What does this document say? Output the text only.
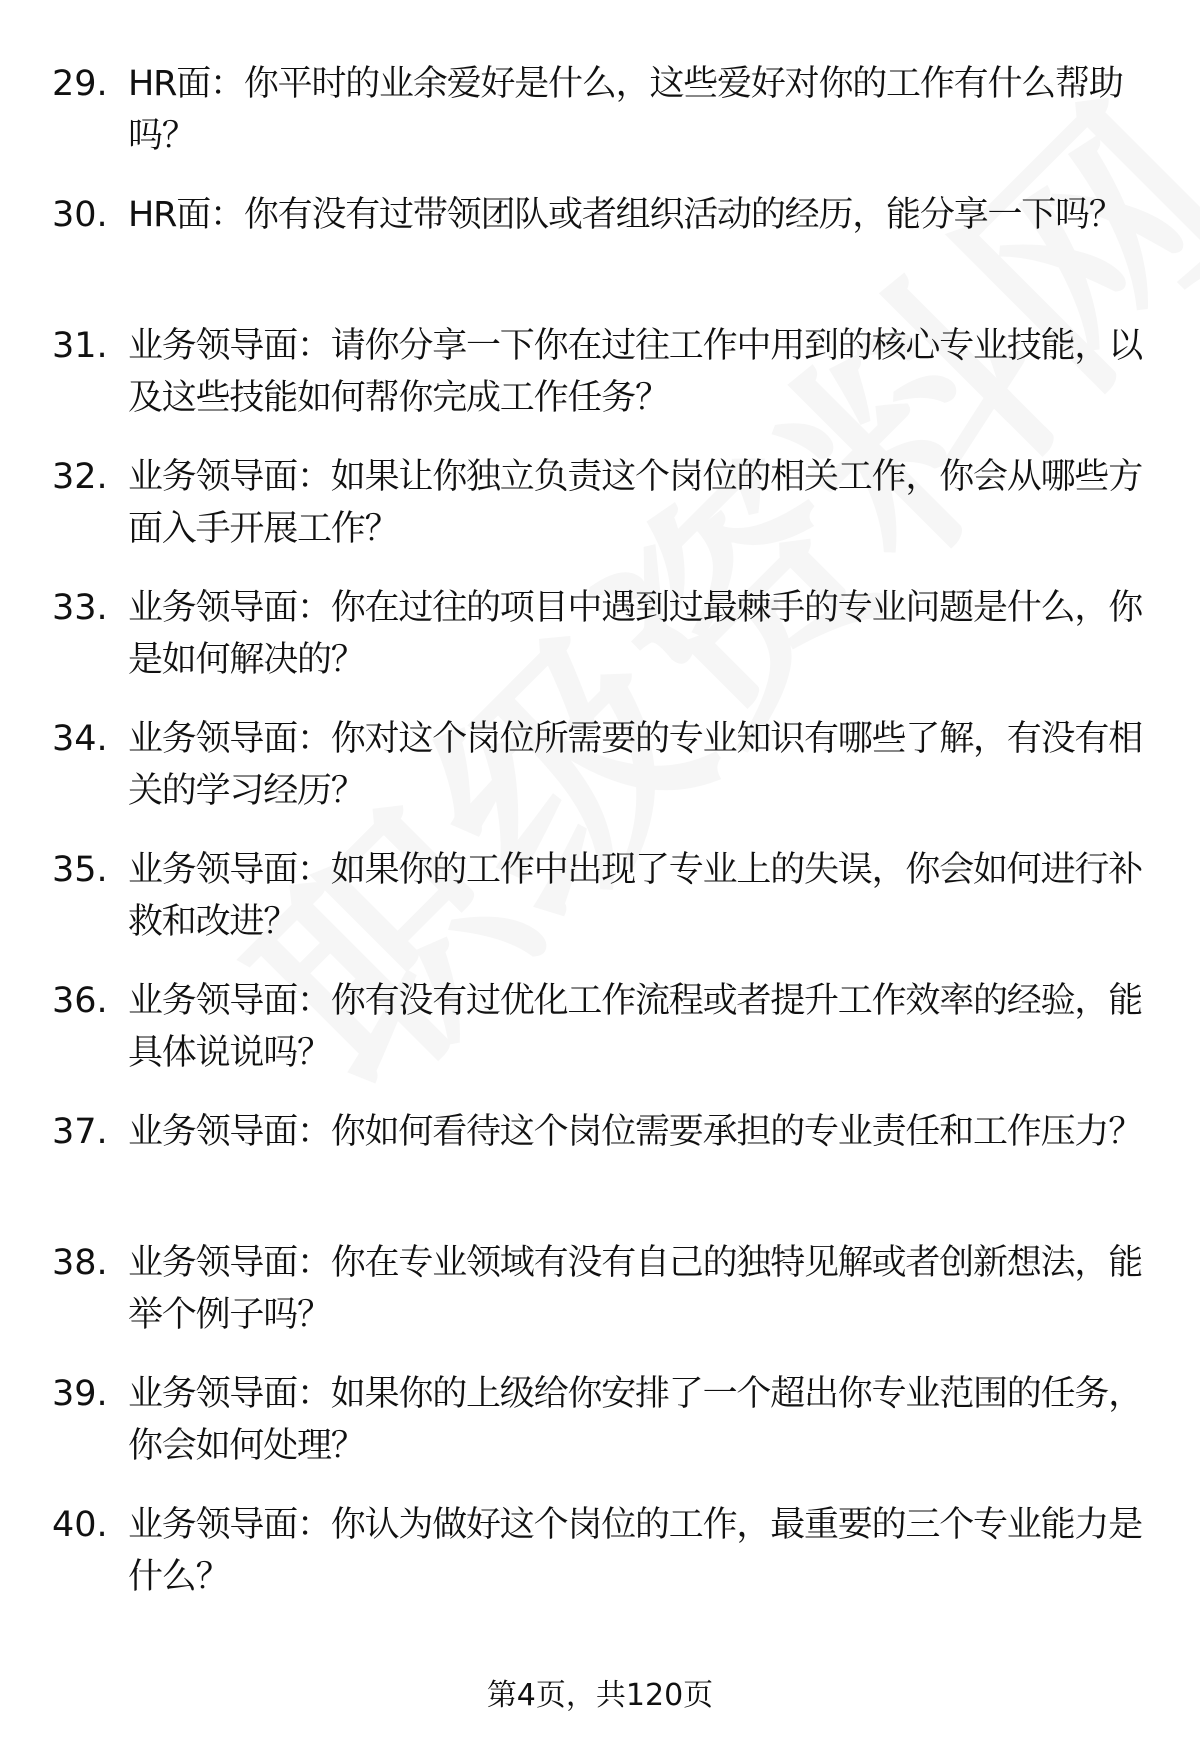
29. HR面：你平时的业余爱好是什么，这些爱好对你的工作有什么帮助吗？
30. HR面：你有没有过带领团队或者组织活动的经历，能分享一下吗？
31. 业务领导面：请你分享一下你在过往工作中用到的核心专业技能，以及这些技能如何帮你完成工作任务？
32. 业务领导面：如果让你独立负责这个岗位的相关工作，你会从哪些方面入手开展工作？
33. 业务领导面：你在过往的项目中遇到过最棘手的专业问题是什么，你是如何解决的？
34. 业务领导面：你对这个岗位所需要的专业知识有哪些了解，有没有相关的学习经历？
35. 业务领导面：如果你的工作中出现了专业上的失误，你会如何进行补救和改进？
36. 业务领导面：你有没有过优化工作流程或者提升工作效率的经验，能具体说说吗？
37. 业务领导面：你如何看待这个岗位需要承担的专业责任和工作压力？
38. 业务领导面：你在专业领域有没有自己的独特见解或者创新想法，能举个例子吗？
39. 业务领导面：如果你的上级给你安排了一个超出你专业范围的任务，你会如何处理？
40. 业务领导面：你认为做好这个岗位的工作，最重要的三个专业能力是什么？
第4页，共120页
